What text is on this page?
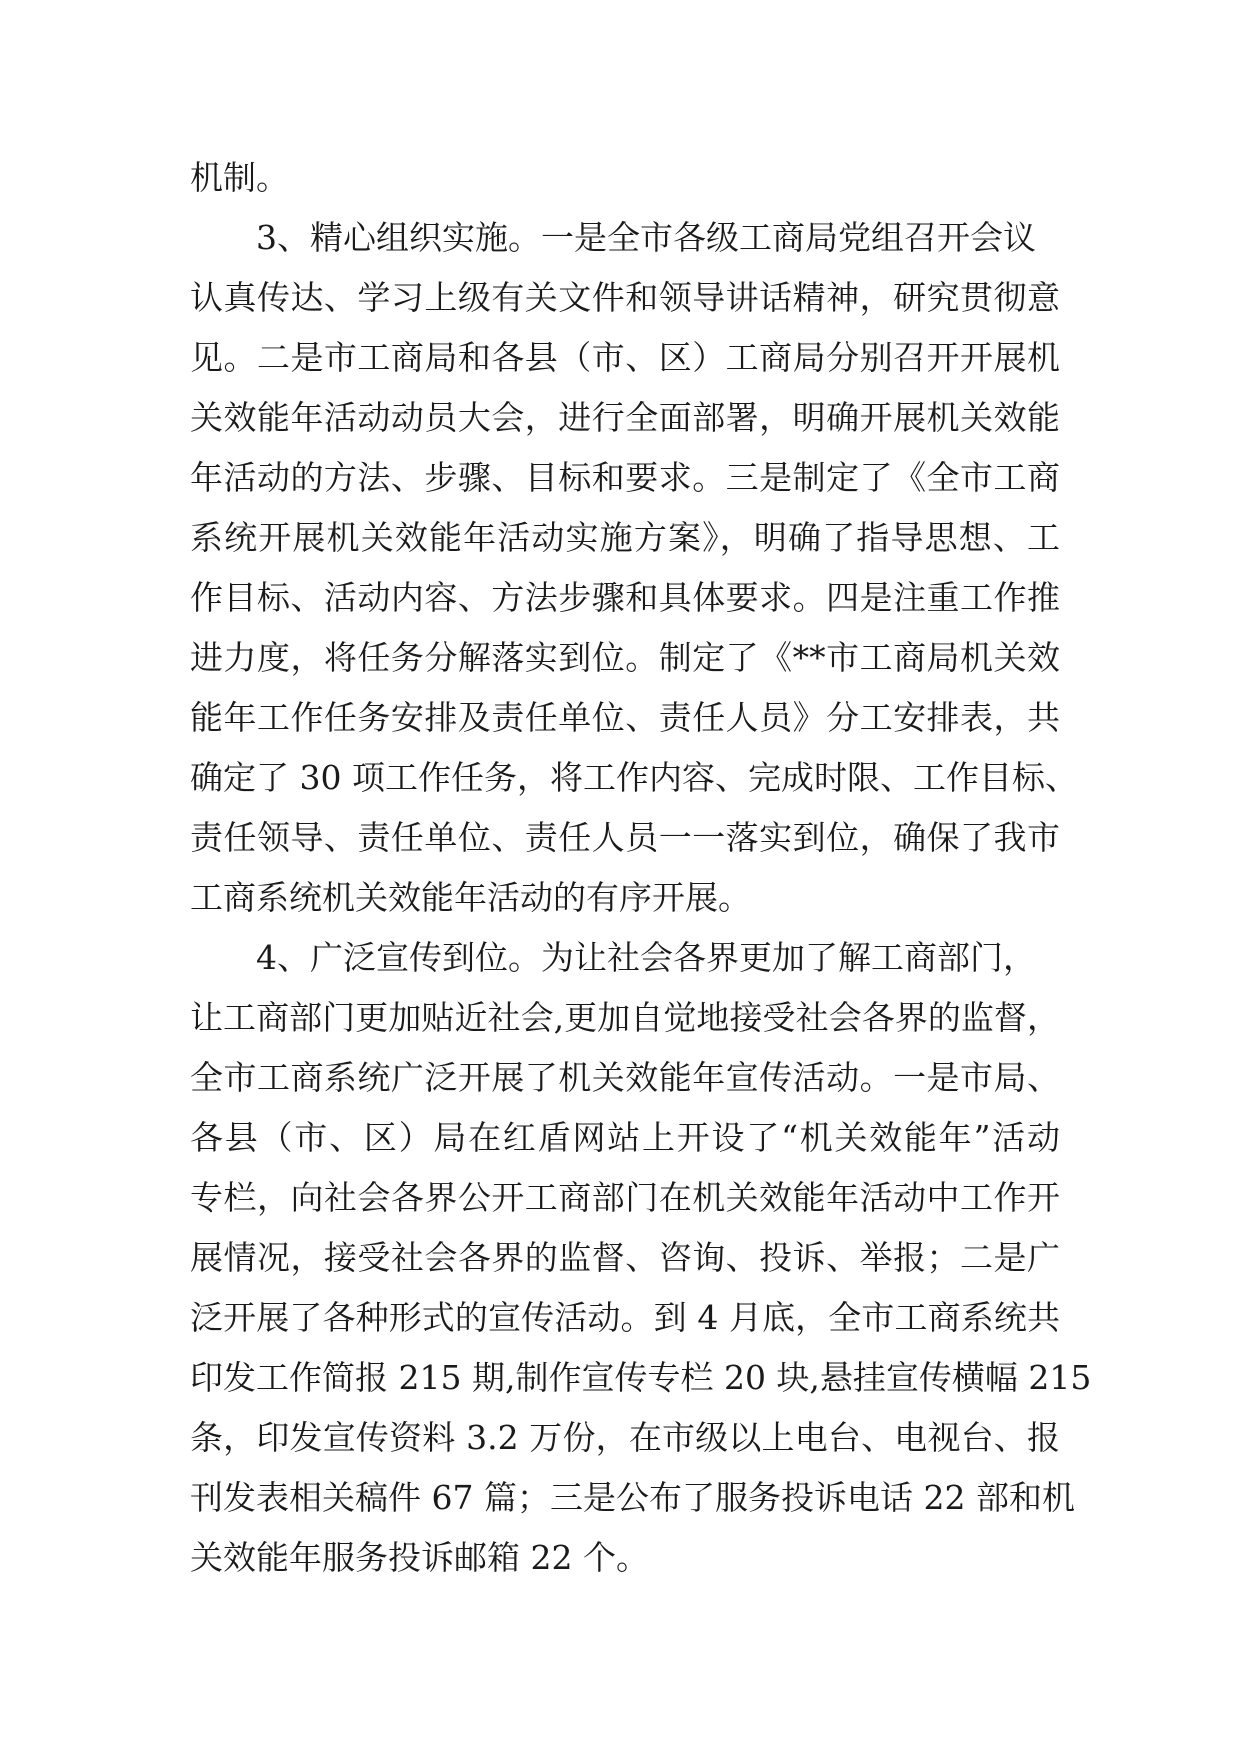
机制。
3、精心组织实施。一是全市各级工商局党组召开会议
认真传达、学习上级有关文件和领导讲话精神，研究贯彻意
见。二是市工商局和各县（市、区）工商局分别召开开展机
关效能年活动动员大会，进行全面部署，明确开展机关效能
年活动的方法、步骤、目标和要求。三是制定了《全市工商
系统开展机关效能年活动实施方案》，明确了指导思想、工
作目标、活动内容、方法步骤和具体要求。四是注重工作推
进力度，将任务分解落实到位。制定了《**市工商局机关效
能年工作任务安排及责任单位、责任人员》分工安排表，共
确定了 30 项工作任务，将工作内容、完成时限、工作目标、
责任领导、责任单位、责任人员一一落实到位，确保了我市
工商系统机关效能年活动的有序开展。
4、广泛宣传到位。为让社会各界更加了解工商部门，
让工商部门更加贴近社会,更加自觉地接受社会各界的监督，
全市工商系统广泛开展了机关效能年宣传活动。一是市局、
各县（市、区）局在红盾网站上开设了“机关效能年”活动
专栏，向社会各界公开工商部门在机关效能年活动中工作开
展情况，接受社会各界的监督、咨询、投诉、举报；二是广
泛开展了各种形式的宣传活动。到 4 月底，全市工商系统共
印发工作简报 215 期,制作宣传专栏 20 块,悬挂宣传横幅 215
条，印发宣传资料 3.2 万份，在市级以上电台、电视台、报
刊发表相关稿件 67 篇；三是公布了服务投诉电话 22 部和机
关效能年服务投诉邮箱 22 个。
